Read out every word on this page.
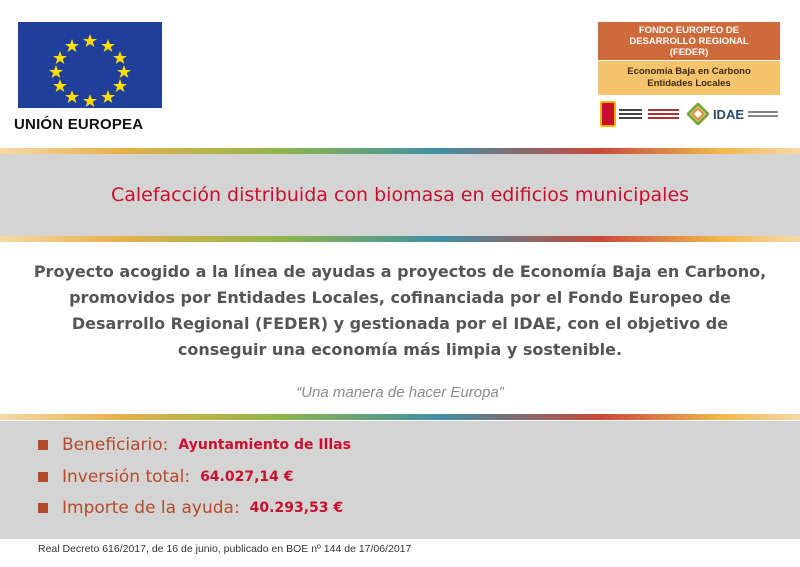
UNIÓN EUROPEA
FONDO EUROPEO DE
DESARROLLO REGIONAL
(FEDER)
Economía Baja en Carbono
Entidades Locales
IDAE
Calefacción distribuida con biomasa en edificios municipales
Proyecto acogido a la línea de ayudas a proyectos de Economía Baja en Carbono, promovidos por Entidades Locales, cofinanciada por el Fondo Europeo de Desarrollo Regional (FEDER) y gestionada por el IDAE, con el objetivo de conseguir una economía más limpia y sostenible.
“Una manera de hacer Europa”
Beneficiario: Ayuntamiento de Illas
Inversión total: 64.027,14 €
Importe de la ayuda: 40.293,53 €
Real Decreto 616/2017, de 16 de junio, publicado en BOE nº 144 de 17/06/2017
